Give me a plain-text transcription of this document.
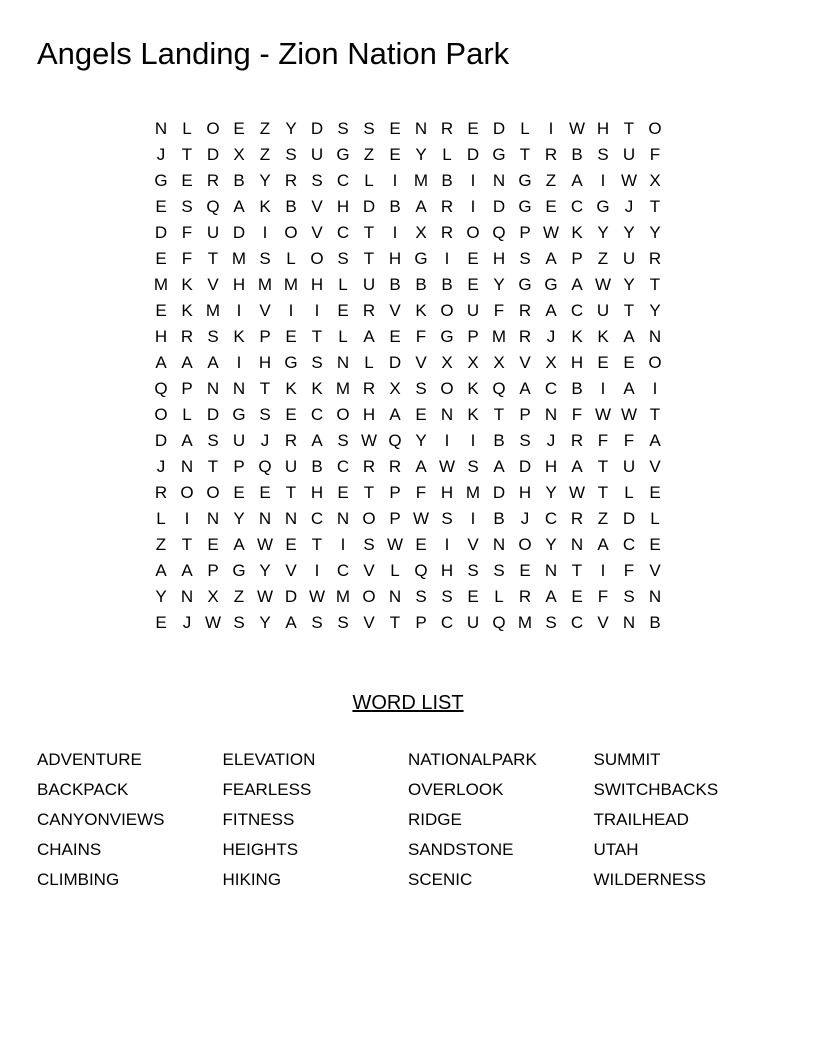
Angels Landing - Zion Nation Park
N L O E Z Y D S S E N R E D L	I W H T O
J T D X Z S U G Z E Y L D G T R B S U F
G E R B Y R S C L	I M B	I	N G Z A	I W X
E S Q A K B V H D B A R	I	D G E C G J T
D F U D	I	O V C T	I	X R O Q P W K Y Y Y
E F T M S L O S T H G	I	E H S A P Z U R
M K V H M M H L U B B B E Y G G A W Y T
E K M I	V	I	I	E R V K O U F R A C U T Y
H R S K P E T L A E F G P M R J K K A N
A A A	I	H G S N L D V X X X V X H E E O
Q P N N T K K M R X S O K Q A C B	I	A	I
O L D G S E C O H A E N K T P N F W W T
D A S U J R A S W Q Y	I	I	B S J R F F A
J N T P Q U B C R R A W S A D H A T U V
R O O E E T H E T P F H M D H Y W T L E
L	I	N Y N N C N O P W S	I	B J C R Z D L
Z T E A W E T	I	S W E	I	V N O Y N A C E
A A P G Y V	I	C V L Q H S S E N T	I	F V
Y N X Z W D W M O N S S E L R A E F S N
E J W S Y A S S V T P C U Q M S C V N B
WORD LIST
ADVENTURE
BACKPACK
CANYONVIEWS
CHAINS
CLIMBING
ELEVATION
FEARLESS
FITNESS
HEIGHTS
HIKING
NATIONALPARK
OVERLOOK
RIDGE
SANDSTONE
SCENIC
SUMMIT
SWITCHBACKS
TRAILHEAD
UTAH
WILDERNESS
